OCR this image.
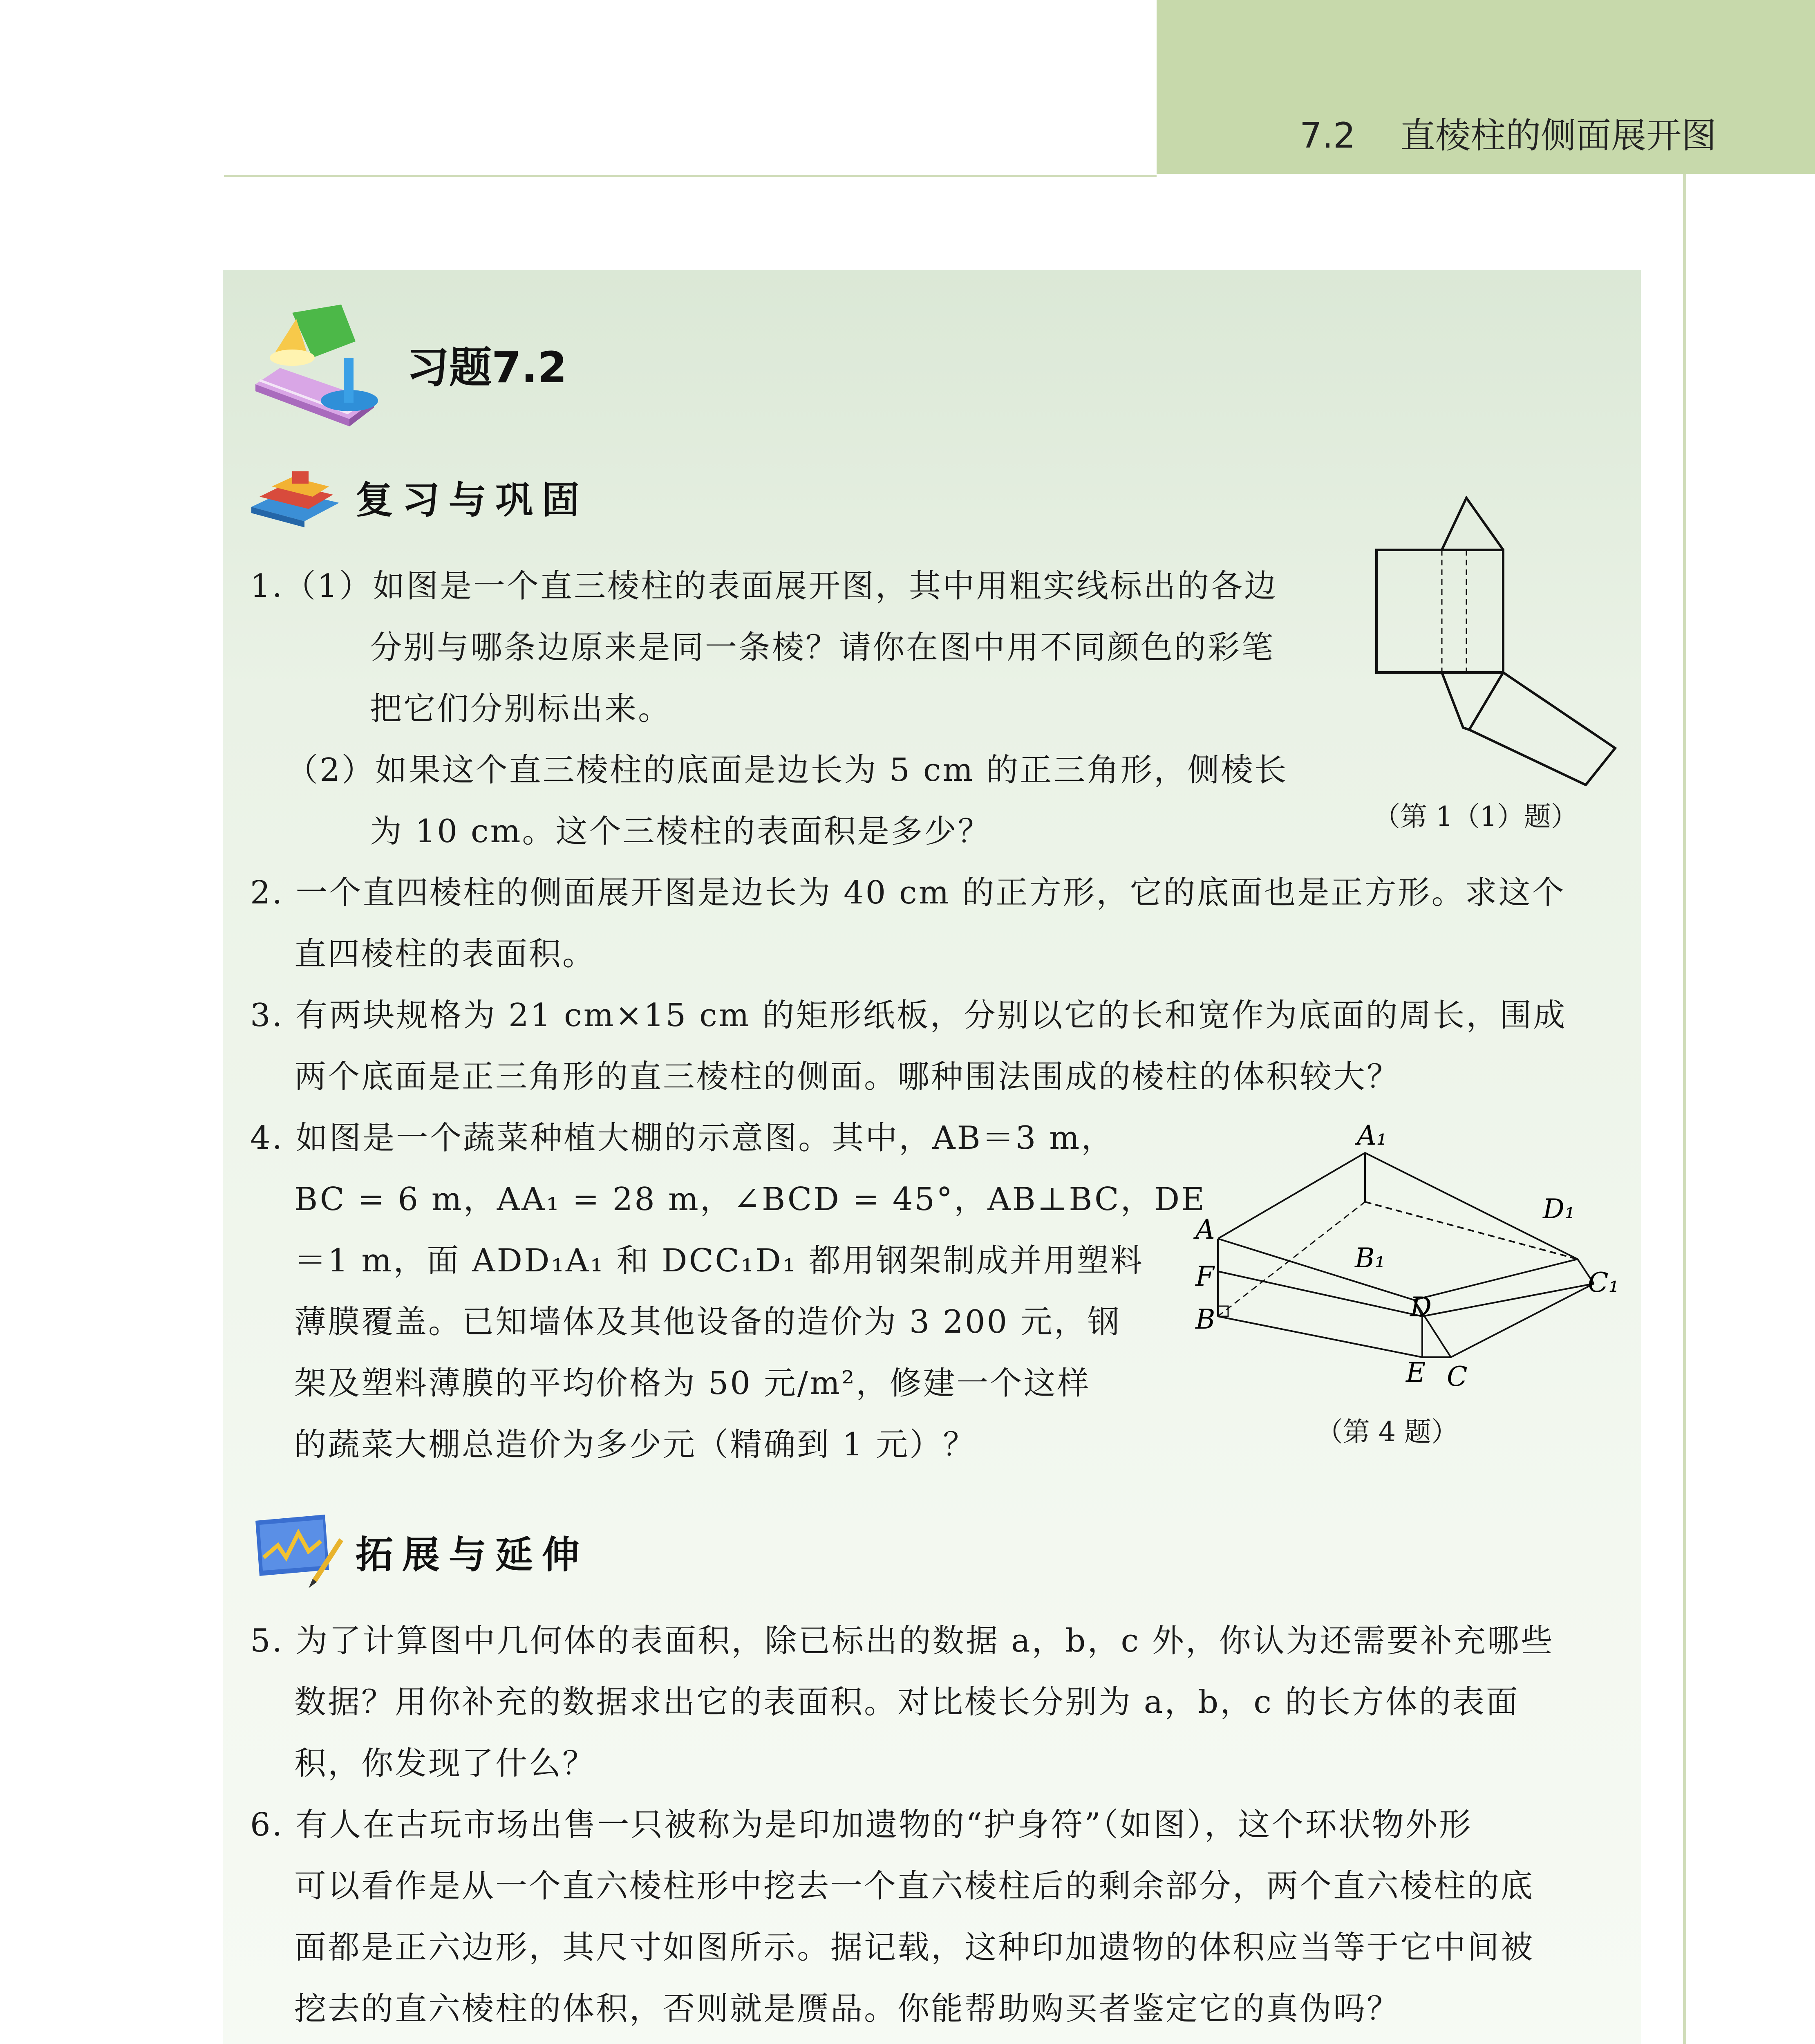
7.2 直棱柱的侧面展开图
习题7.2
复习与巩固
1.（1）如图是一个直三棱柱的表面展开图，其中用粗实线标出的各边
分别与哪条边原来是同一条棱？请你在图中用不同颜色的彩笔
把它们分别标出来。
（2）如果这个直三棱柱的底面是边长为 5 cm 的正三角形，侧棱长
为 10 cm。这个三棱柱的表面积是多少？	（第 1（1）题）
2. 一个直四棱柱的侧面展开图是边长为 40 cm 的正方形，它的底面也是正方形。求这个
直四棱柱的表面积。
3. 有两块规格为 21 cm×15 cm 的矩形纸板，分别以它的长和宽作为底面的周长，围成
两个底面是正三角形的直三棱柱的侧面。哪种围法围成的棱柱的体积较大？
4. 如图是一个蔬菜种植大棚的示意图。其中，AB＝3 m，
BC = 6 m，AA₁ = 28 m，∠BCD = 45°，AB⊥BC，DE
＝1 m，面 ADD₁A₁ 和 DCC₁D₁ 都用钢架制成并用塑料
薄膜覆盖。已知墙体及其他设备的造价为 3 200 元，钢
架及塑料薄膜的平均价格为 50 元/m²，修建一个这样
的蔬菜大棚总造价为多少元（精确到 1 元）？
A₁
D₁
A
B₁
C₁
F
D
B
E C
（第 4 题）
拓展与延伸
5. 为了计算图中几何体的表面积，除已标出的数据 a，b，c 外，你认为还需要补充哪些
数据？用你补充的数据求出它的表面积。对比棱长分别为 a，b，c 的长方体的表面
积，你发现了什么？
6. 有人在古玩市场出售一只被称为是印加遗物的“护身符”（如图），这个环状物外形
可以看作是从一个直六棱柱形中挖去一个直六棱柱后的剩余部分，两个直六棱柱的底
面都是正六边形，其尺寸如图所示。据记载，这种印加遗物的体积应当等于它中间被
挖去的直六棱柱的体积，否则就是赝品。你能帮助购买者鉴定它的真伪吗？
